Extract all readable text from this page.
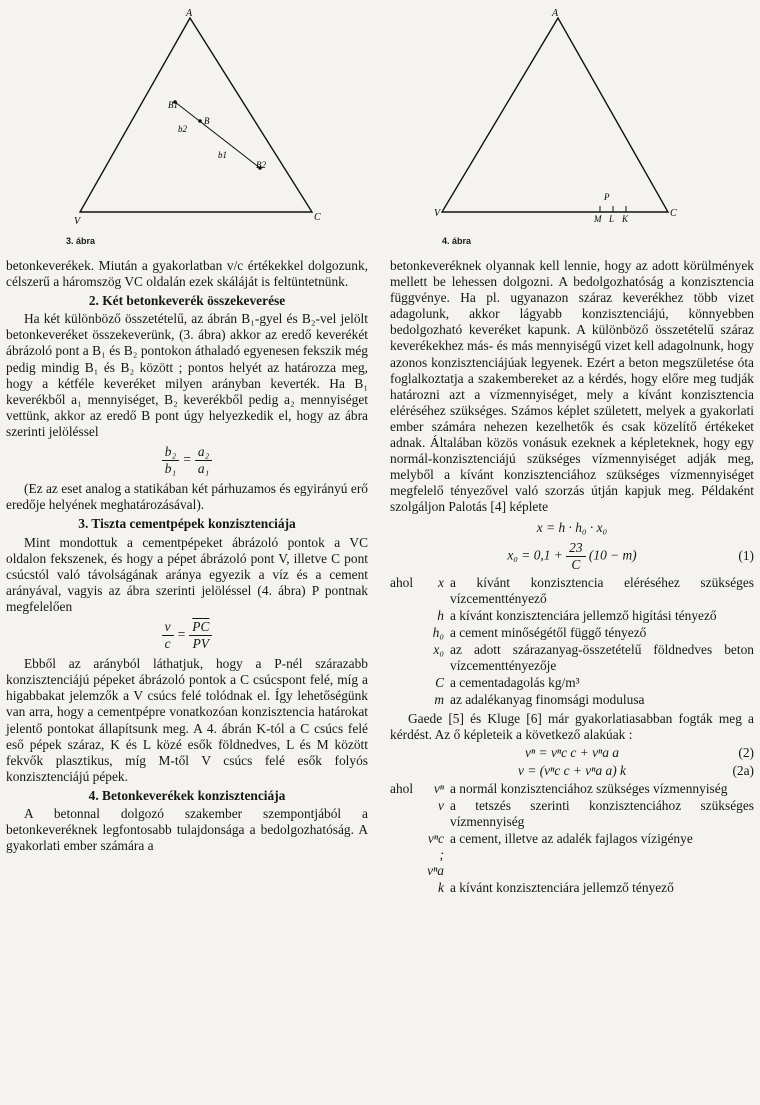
A
V	C
B1
B
B2
b2
b1
3. ábra
A
V	C
P
M L K
4. ábra

betonkeverékek. Miután a gyakorlatban v/c értékekkel dolgozunk, célszerű a háromszög VC oldalán ezek skáláját is feltüntetnünk.

2. Két betonkeverék összekeverése

Ha két különböző összetételű, az ábrán B₁-gyel és B₂-vel jelölt betonkeveréket összekeverünk, (3. ábra) akkor az eredő keverékét ábrázoló pont a B₁ és B₂ pontokon áthaladó egyenesen fekszik még pedig mindig B₁ és B₂ között ; pontos helyét az határozza meg, hogy a kétféle keveréket milyen arányban keverték. Ha B₁ keverékből a₁ mennyiséget, B₂ keverékből pedig a₂ mennyiséget vettünk, akkor az eredő B pont úgy helyezkedik el, hogy az ábra szerinti jelöléssel

$\frac{\text{b₂}}{\text{b₁}} = \frac{\text{a₂}}{\text{a₁}}$

(Ez az eset analog a statikában két párhuzamos és egyirányú erő eredője helyének meghatározásával).

3. Tiszta cementpépek konzisztenciája

Mint mondottuk a cementpépeket ábrázoló pontok a VC oldalon fekszenek, és hogy a pépet ábrázoló pont V, illetve C pont csúcstól való távolságának aránya egyezik a víz és a cement arányával, vagyis az ábra szerinti jelöléssel (4. ábra) P pontnak megfelelően

$\frac{v}{c} = \frac{\overline{PC}}{PV}$

Ebből az arányból láthatjuk, hogy a P-nél szárazabb konzisztenciájú pépeket ábrázoló pontok a C csúcspont felé, míg a higabbakat jelemzők a V csúcs felé tolódnak el. Így lehetőségünk van arra, hogy a cementpépre vonatkozóan konzisztencia határokat jelentő pontokat állapítsunk meg. A 4. ábrán K-tól a C csúcs felé eső pépek száraz, K és L közé esők földnedves, L és M között fekvők plasztikus, míg M-től V csúcs felé esők folyós konzisztenciájú pépek.

4. Betonkeverékek konzisztenciája

A betonnal dolgozó szakember szempontjából a betonkeveréknek legfontosabb tulajdonsága a bedolgozhatóság. A gyakorlati ember számára a

betonkeveréknek olyannak kell lennie, hogy az adott körülmények mellett be lehessen dolgozni. A bedolgozhatóság a konzisztencia függvénye. Ha pl. ugyanazon száraz keverékhez több vizet adagolunk, akkor lágyabb konzisztenciájú, könnyebben bedolgozható keveréket kapunk. A különböző összetételű száraz keverékekhez más- és más mennyiségű vizet kell adagolnunk, hogy azonos konzisztenciájúak legyenek. Ezért a beton megszületése óta foglalkoztatja a szakembereket az a kérdés, hogy előre meg tudják határozni azt a vízmennyiséget, mely a kívánt konzisztencia eléréséhez szükséges. Számos képlet született, melyek a gyakorlati ember számára nehezen kezelhetők és csak közelítő értékeket adnak. Általában közös vonásuk ezeknek a képleteknek, hogy egy normál-konzisztenciájú szükséges vízmennyiséget adják meg, melyből a kívánt konzisztenciához szükséges vízmennyiséget megfelelő tényezővel való szorzás útján kapjuk meg. Példaként szolgáljon Palotás [4] képlete

x = h · h₀ · x₀
$x_0 = 0,1 + \frac{23}{C} (10 - m)$	(1)
ahol	x a kívánt konzisztencia eléréséhez szükséges vízcementtényező
h a kívánt konzisztenciára jellemző higítási tényező
h₀ a cement minőségétől függő tényező
x₀ az adott szárazanyag-összetételű földnedves beton vízcementtényezője
C a cementadagolás kg/m³
m az adalékanyag finomsági modulusa

Gaede [5] és Kluge [6] már gyakorlatiasabban fogták meg a kérdést. Az ő képleteik a következő alakúak :

vⁿ = vⁿc c + vⁿa a	(2)
v = (vⁿc c + vⁿa a) k	(2a)
ahol	vⁿ a normál konzisztenciához szükséges vízmennyiség
v a tetszés szerinti konzisztenciához szükséges vízmennyiség
vⁿc ; vⁿa
a cement, illetve az adalék fajlagos vízigénye
k a kívánt konzisztenciára jellemző tényező
